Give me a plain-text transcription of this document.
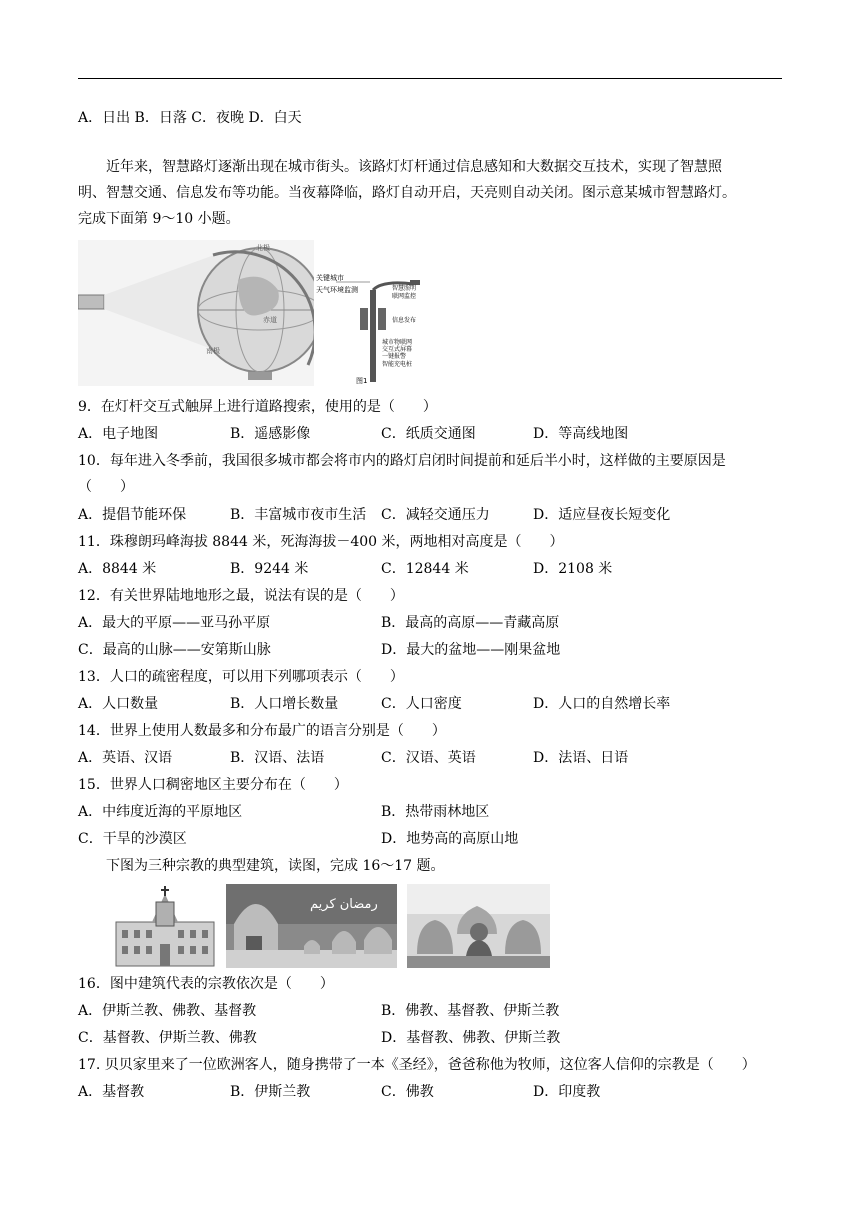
A．日出 B．日落 C．夜晚 D．白天
近年来，智慧路灯逐渐出现在城市街头。该路灯灯杆通过信息感知和大数据交互技术，实现了智慧照
明、智慧交通、信息发布等功能。当夜幕降临，路灯自动开启，天亮则自动关闭。图示意某城市智慧路灯。
完成下面第 9～10 小题。
北极
赤道
南极
关键城市
天气环境监测	智慧照明
联网监控
信息发布
城市物联网
交互式屏幕
一键报警
智能充电桩
图1
9．在灯杆交互式触屏上进行道路搜索，使用的是（　　）
A．电子地图	B．遥感影像	C．纸质交通图	D．等高线地图
10．每年进入冬季前，我国很多城市都会将市内的路灯启闭时间提前和延后半小时，这样做的主要原因是
（　　）
A．提倡节能环保	B．丰富城市夜市生活 C．减轻交通压力	D．适应昼夜长短变化
11．珠穆朗玛峰海拔 8844 米，死海海拔－400 米，两地相对高度是（　　）
A．8844 米	B．9244 米	C．12844 米	D．2108 米
12．有关世界陆地地形之最，说法有误的是（　　）
A．最大的平原——亚马孙平原	B．最高的高原——青藏高原
C．最高的山脉——安第斯山脉	D．最大的盆地——刚果盆地
13．人口的疏密程度，可以用下列哪项表示（　　）
A．人口数量	B．人口增长数量	C．人口密度	D．人口的自然增长率
14．世界上使用人数最多和分布最广的语言分别是（　　）
A．英语、汉语	B．汉语、法语	C．汉语、英语	D．法语、日语
15．世界人口稠密地区主要分布在（　　）
A．中纬度近海的平原地区	B．热带雨林地区
C．干旱的沙漠区	D．地势高的高原山地
下图为三种宗教的典型建筑，读图，完成 16～17 题。
رمضان كريم
16．图中建筑代表的宗教依次是（　　）
A．伊斯兰教、佛教、基督教	B．佛教、基督教、伊斯兰教
C．基督教、伊斯兰教、佛教	D．基督教、佛教、伊斯兰教
17. 贝贝家里来了一位欧洲客人，随身携带了一本《圣经》，爸爸称他为牧师，这位客人信仰的宗教是（　　）
A．基督教	B．伊斯兰教	C．佛教	D．印度教
